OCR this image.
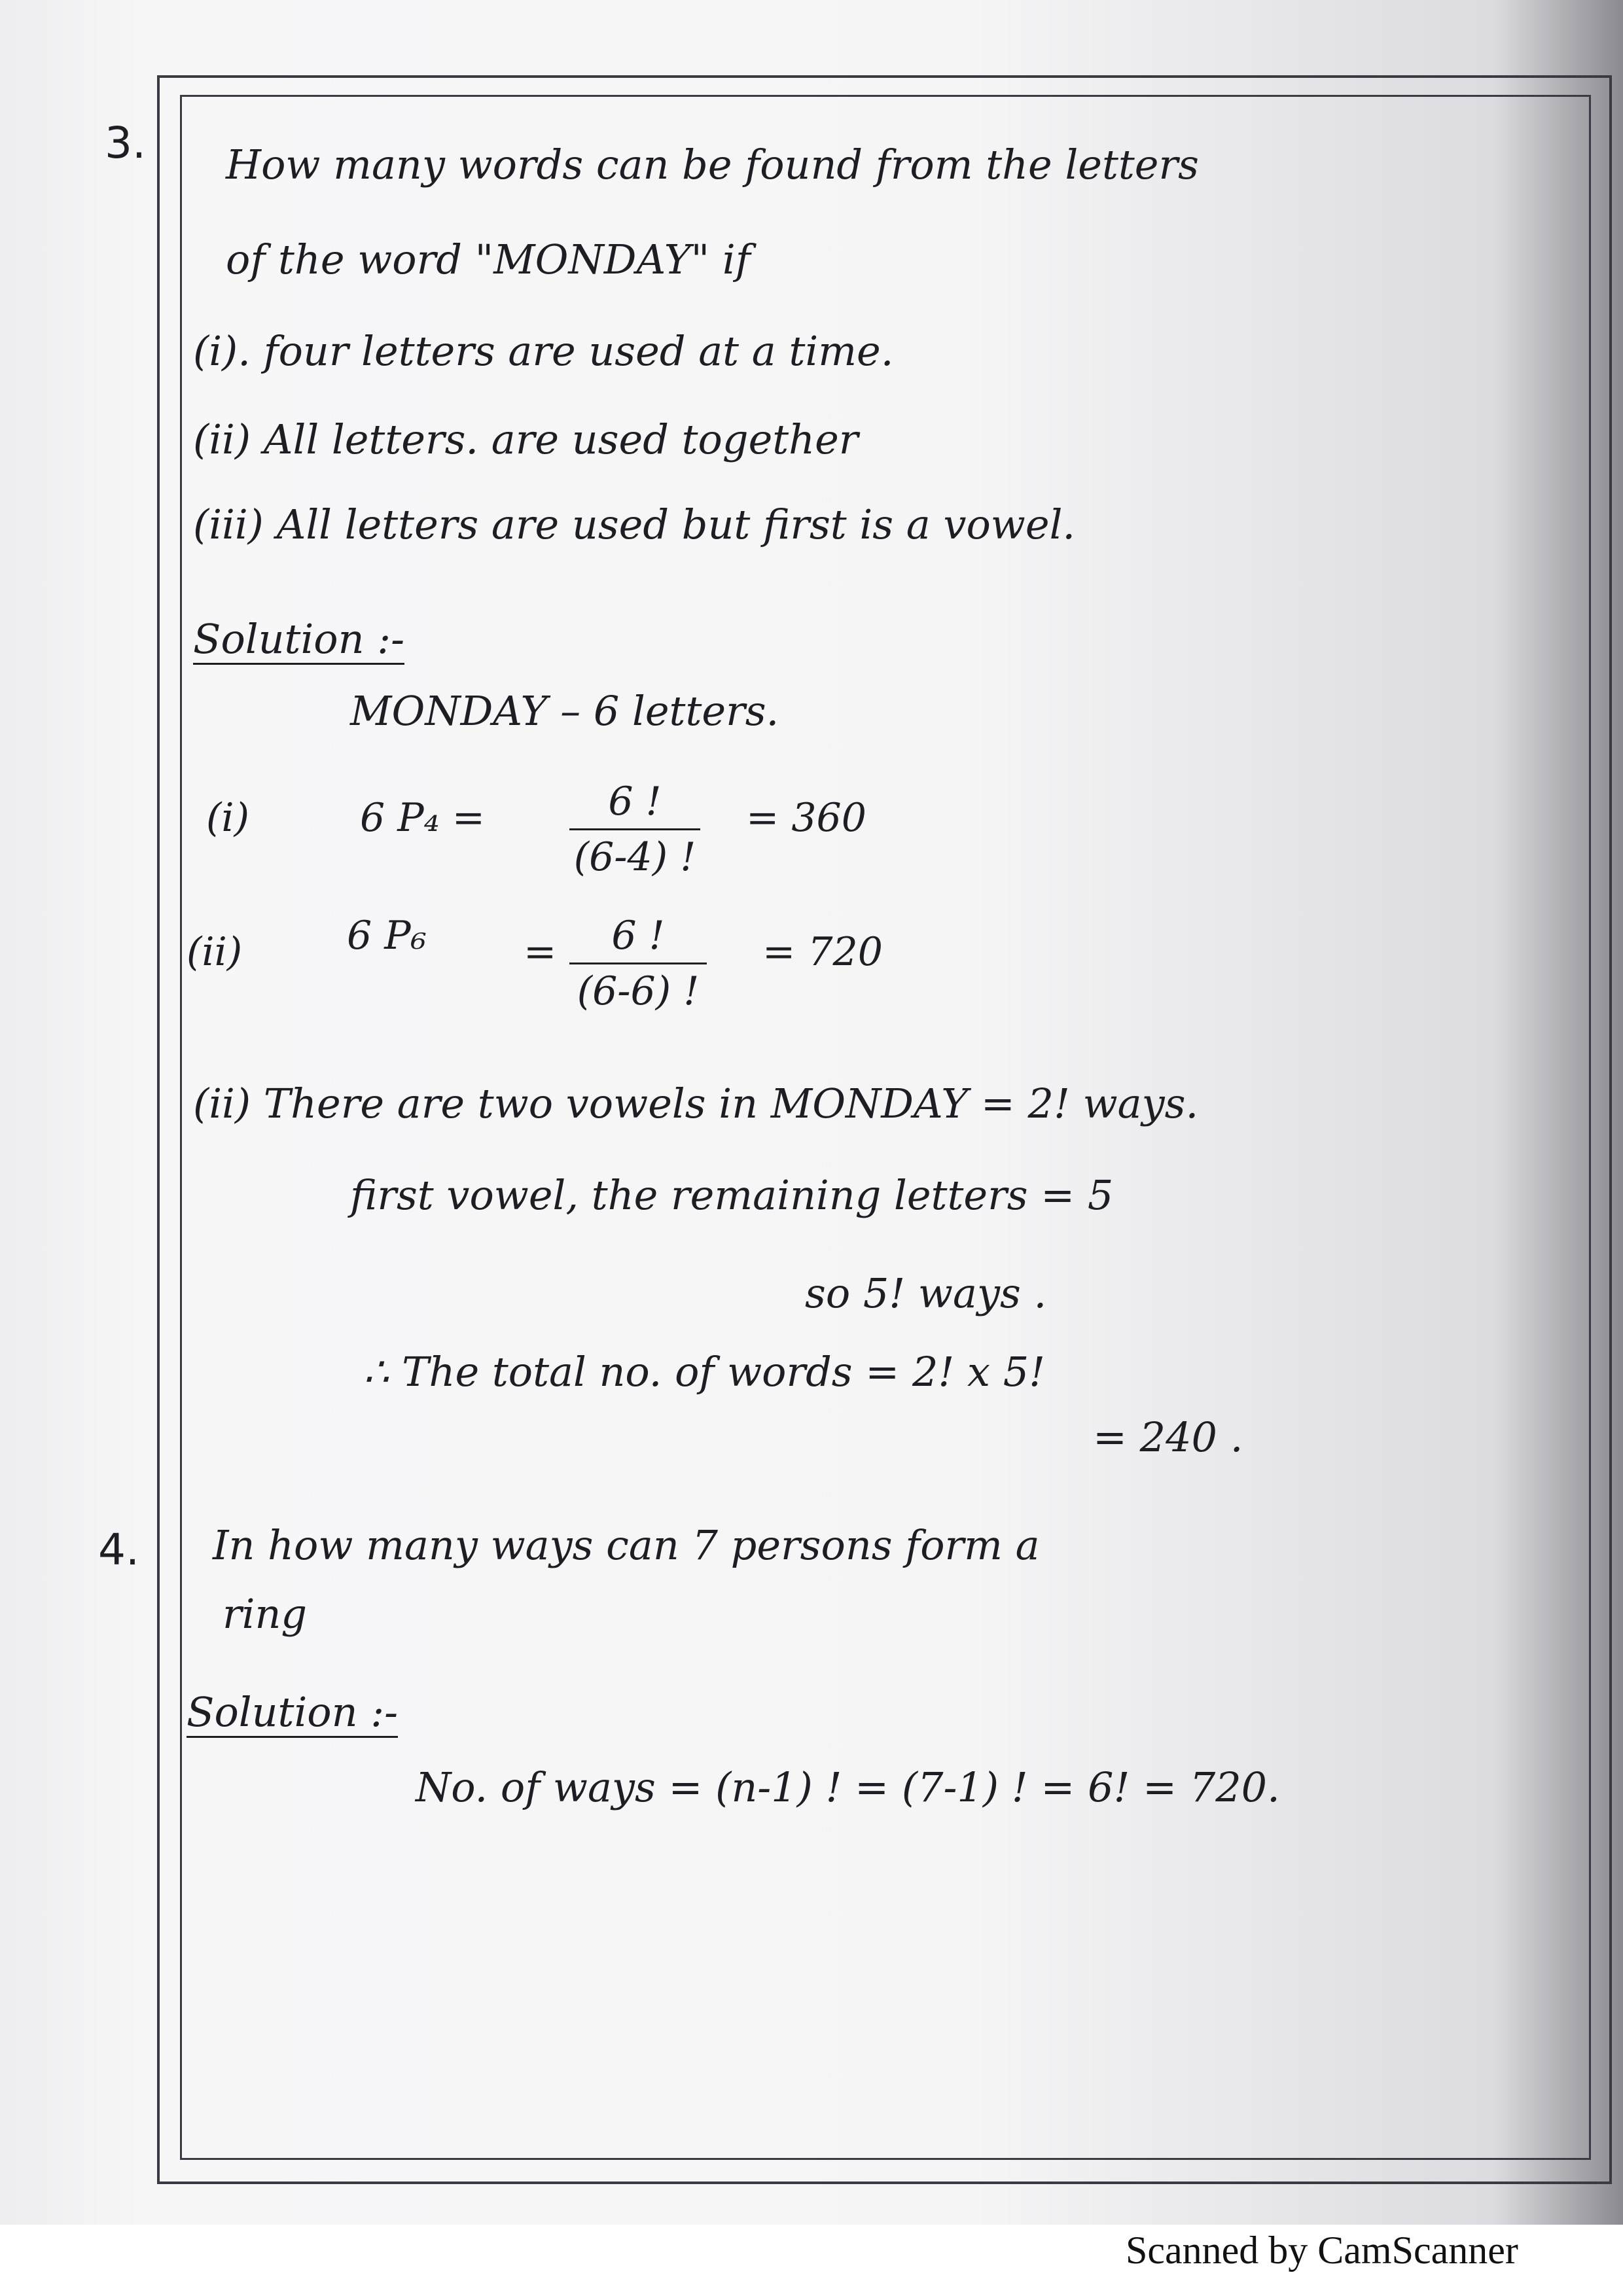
3. How many words can be found from the letters
of the word "MONDAY" if
(i). four letters are used at a time.
(ii) All letters. are used together
(iii) All letters are used but first is a vowel.
Solution :-
MONDAY – 6 letters.
(i)	6 P₄ =	6 !
(6-4) !
= 360
(ii)	6 P₆ =	6 !
(6-6) !
= 720
(ii) There are two vowels in MONDAY = 2! ways.
first vowel, the remaining letters = 5
so 5! ways .
∴ The total no. of words = 2! x 5!
= 240 .
4. In how many ways can 7 persons form a
ring
Solution :-
No. of ways = (n-1) ! = (7-1) ! = 6! = 720.
Scanned by CamScanner
